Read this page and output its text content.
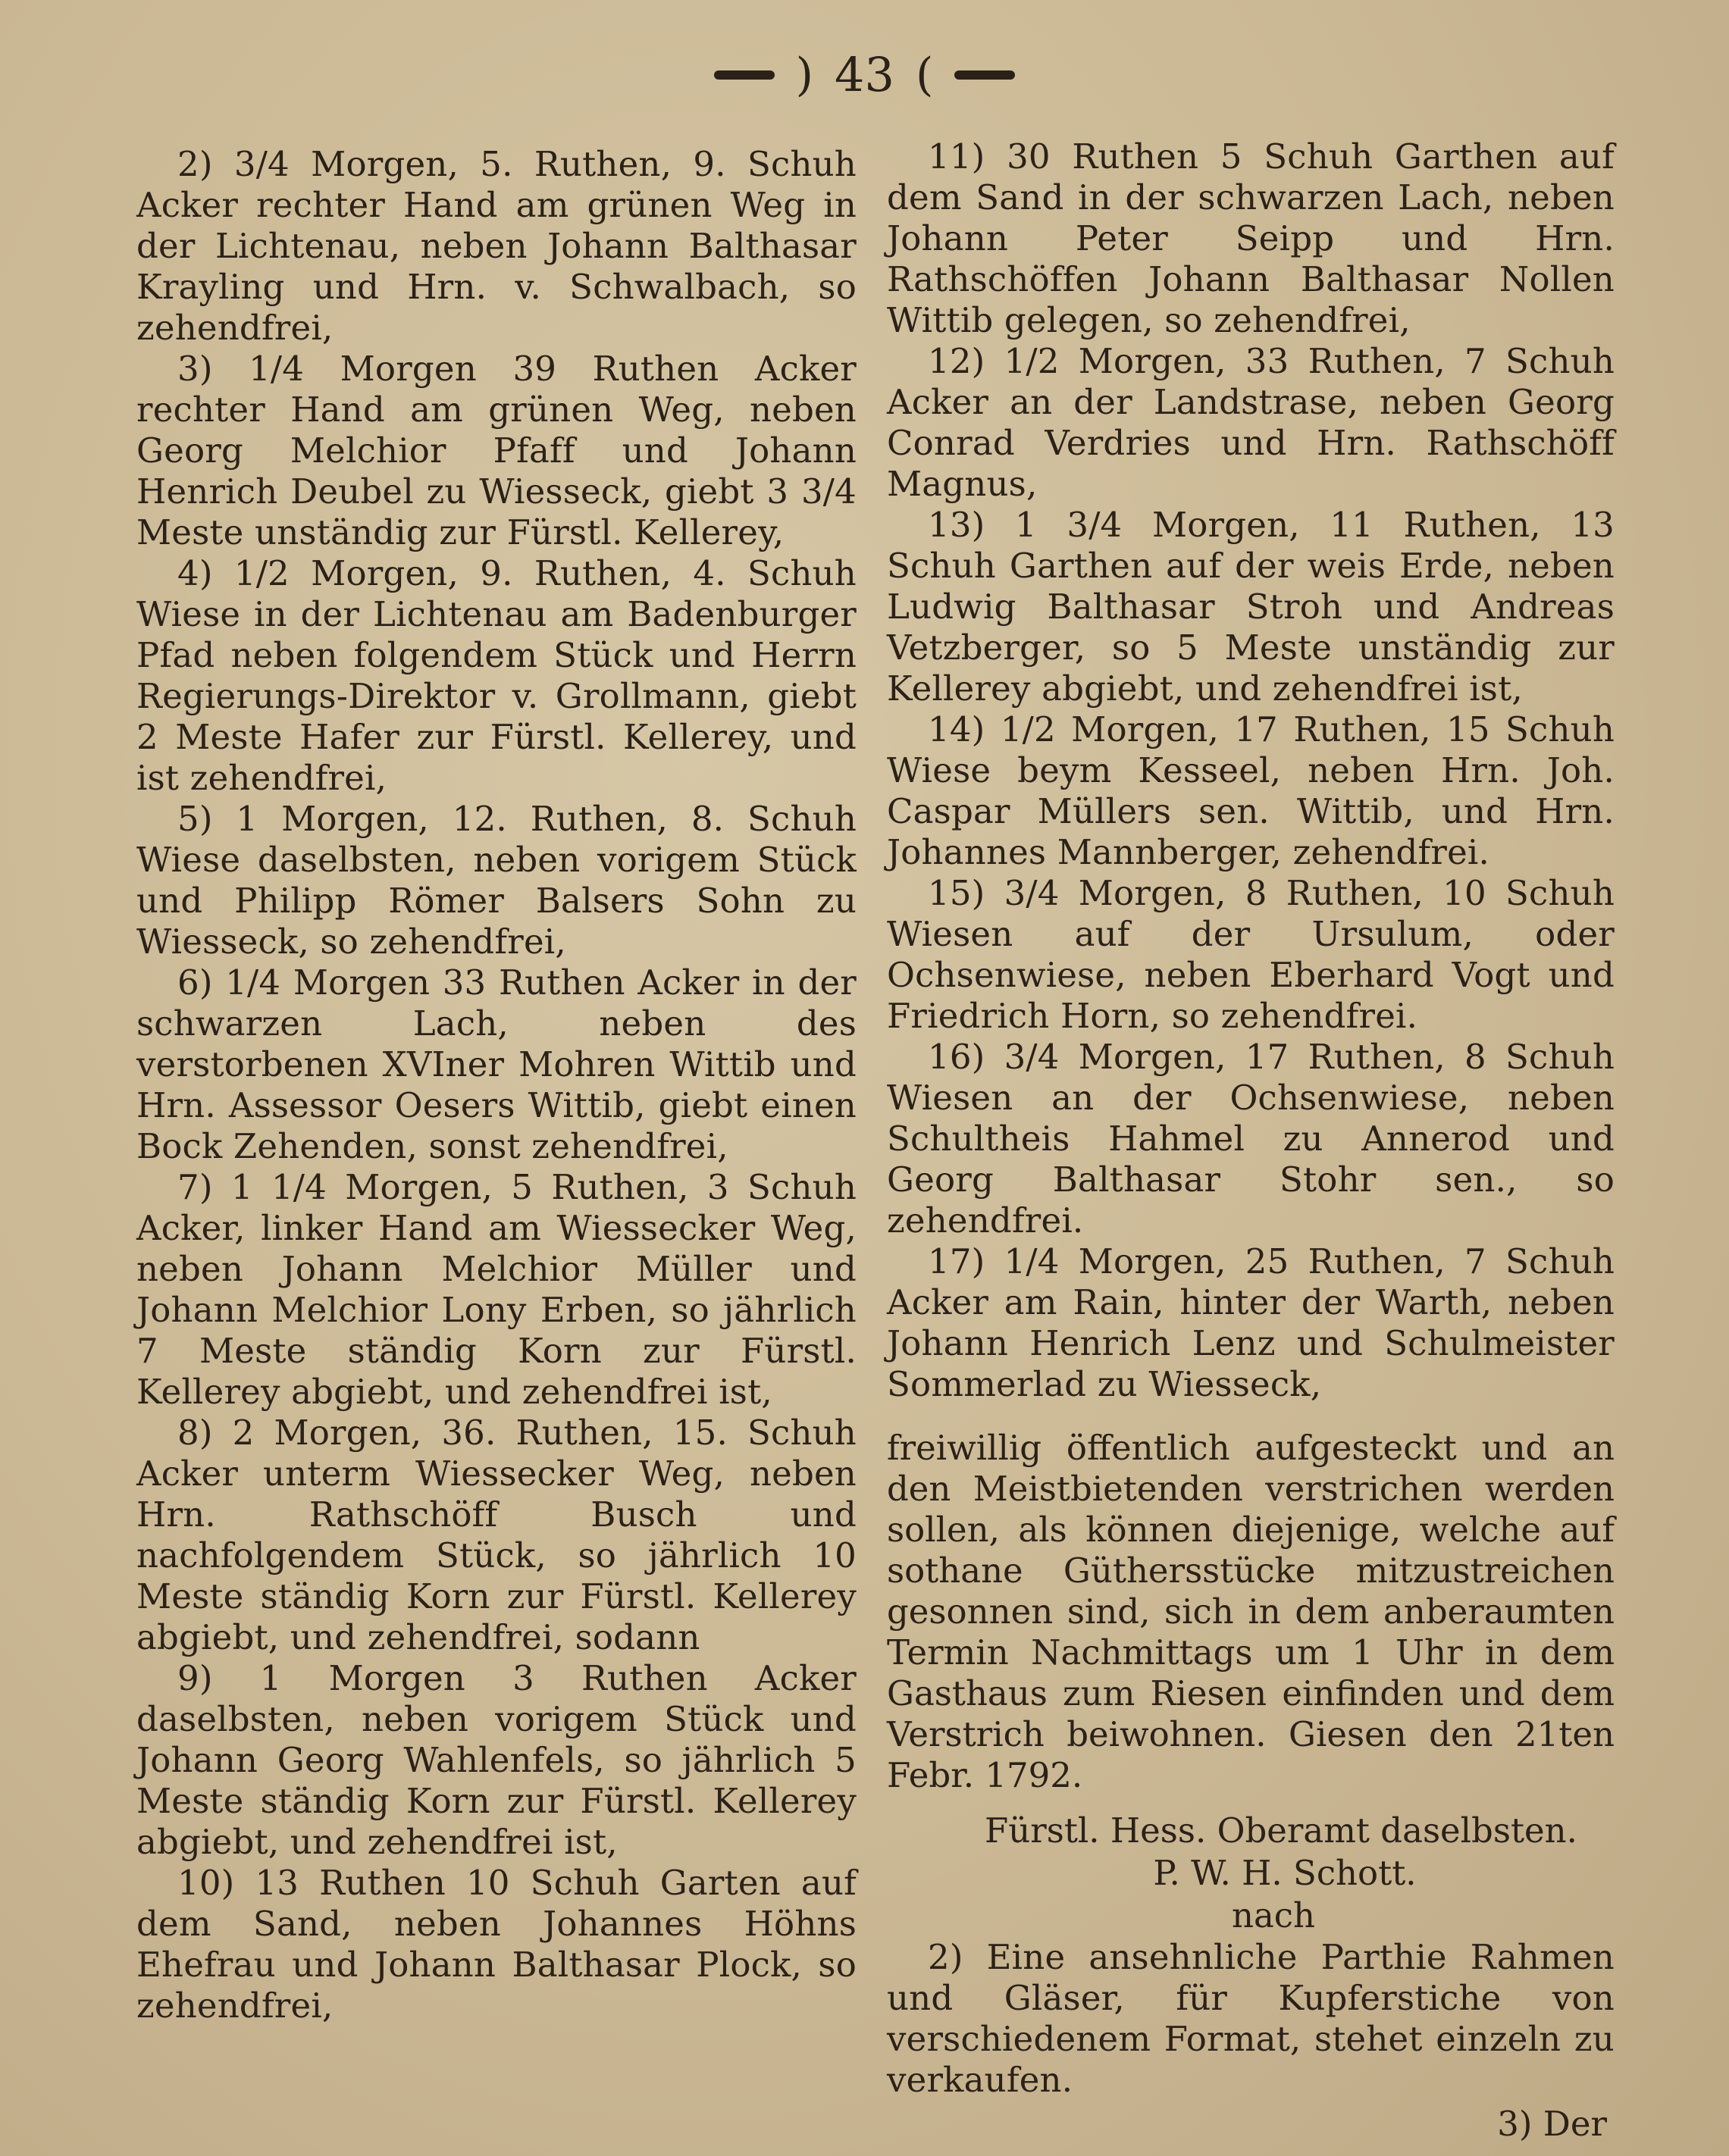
) 43 (

2) 3/4 Morgen, 5. Ruthen, 9. Schuh Acker rechter Hand am grünen Weg in der Lichtenau, neben Johann Balthasar Krayling und Hrn. v. Schwalbach, so zehendfrei,

3) 1/4 Morgen 39 Ruthen Acker rechter Hand am grünen Weg, neben Georg Melchior Pfaff und Johann Henrich Deubel zu Wiesseck, giebt 3 3/4 Meste unständig zur Fürstl. Kellerey,

4) 1/2 Morgen, 9. Ruthen, 4. Schuh Wiese in der Lichtenau am Badenburger Pfad neben folgendem Stück und Herrn Regierungs-Direktor v. Grollmann, giebt 2 Meste Hafer zur Fürstl. Kellerey, und ist zehendfrei,

5) 1 Morgen, 12. Ruthen, 8. Schuh Wiese daselbsten, neben vorigem Stück und Philipp Römer Balsers Sohn zu Wiesseck, so zehendfrei,

6) 1/4 Morgen 33 Ruthen Acker in der schwarzen Lach, neben des verstorbenen XVIner Mohren Wittib und Hrn. Assessor Oesers Wittib, giebt einen Bock Zehenden, sonst zehendfrei,

7) 1 1/4 Morgen, 5 Ruthen, 3 Schuh Acker, linker Hand am Wiessecker Weg, neben Johann Melchior Müller und Johann Melchior Lony Erben, so jährlich 7 Meste ständig Korn zur Fürstl. Kellerey abgiebt, und zehendfrei ist,

8) 2 Morgen, 36. Ruthen, 15. Schuh Acker unterm Wiessecker Weg, neben Hrn. Rathschöff Busch und nachfolgendem Stück, so jährlich 10 Meste ständig Korn zur Fürstl. Kellerey abgiebt, und zehendfrei, sodann

9) 1 Morgen 3 Ruthen Acker daselbsten, neben vorigem Stück und Johann Georg Wahlenfels, so jährlich 5 Meste ständig Korn zur Fürstl. Kellerey abgiebt, und zehendfrei ist,

10) 13 Ruthen 10 Schuh Garten auf dem Sand, neben Johannes Höhns Ehefrau und Johann Balthasar Plock, so zehendfrei,

11) 30 Ruthen 5 Schuh Garthen auf dem Sand in der schwarzen Lach, neben Johann Peter Seipp und Hrn. Rathschöffen Johann Balthasar Nollen Wittib gelegen, so zehendfrei,

12) 1/2 Morgen, 33 Ruthen, 7 Schuh Acker an der Landstrase, neben Georg Conrad Verdries und Hrn. Rathschöff Magnus,

13) 1 3/4 Morgen, 11 Ruthen, 13 Schuh Garthen auf der weis Erde, neben Ludwig Balthasar Stroh und Andreas Vetzberger, so 5 Meste unständig zur Kellerey abgiebt, und zehendfrei ist,

14) 1/2 Morgen, 17 Ruthen, 15 Schuh Wiese beym Kesseel, neben Hrn. Joh. Caspar Müllers sen. Wittib, und Hrn. Johannes Mannberger, zehendfrei.

15) 3/4 Morgen, 8 Ruthen, 10 Schuh Wiesen auf der Ursulum, oder Ochsenwiese, neben Eberhard Vogt und Friedrich Horn, so zehendfrei.

16) 3/4 Morgen, 17 Ruthen, 8 Schuh Wiesen an der Ochsenwiese, neben Schultheis Hahmel zu Annerod und Georg Balthasar Stohr sen., so zehendfrei.

17) 1/4 Morgen, 25 Ruthen, 7 Schuh Acker am Rain, hinter der Warth, neben Johann Henrich Lenz und Schulmeister Sommerlad zu Wiesseck,

freiwillig öffentlich aufgesteckt und an den Meistbietenden verstrichen werden sollen, als können diejenige, welche auf sothane Güthersstücke mitzustreichen gesonnen sind, sich in dem anberaumten Termin Nachmittags um 1 Uhr in dem Gasthaus zum Riesen einfinden und dem Verstrich beiwohnen. Giesen den 21ten Febr. 1792.

Fürstl. Hess. Oberamt daselbsten.
P. W. H. Schott.
nach

2) Eine ansehnliche Parthie Rahmen und Gläser, für Kupferstiche von verschiedenem Format, stehet einzeln zu verkaufen.

3) Der
